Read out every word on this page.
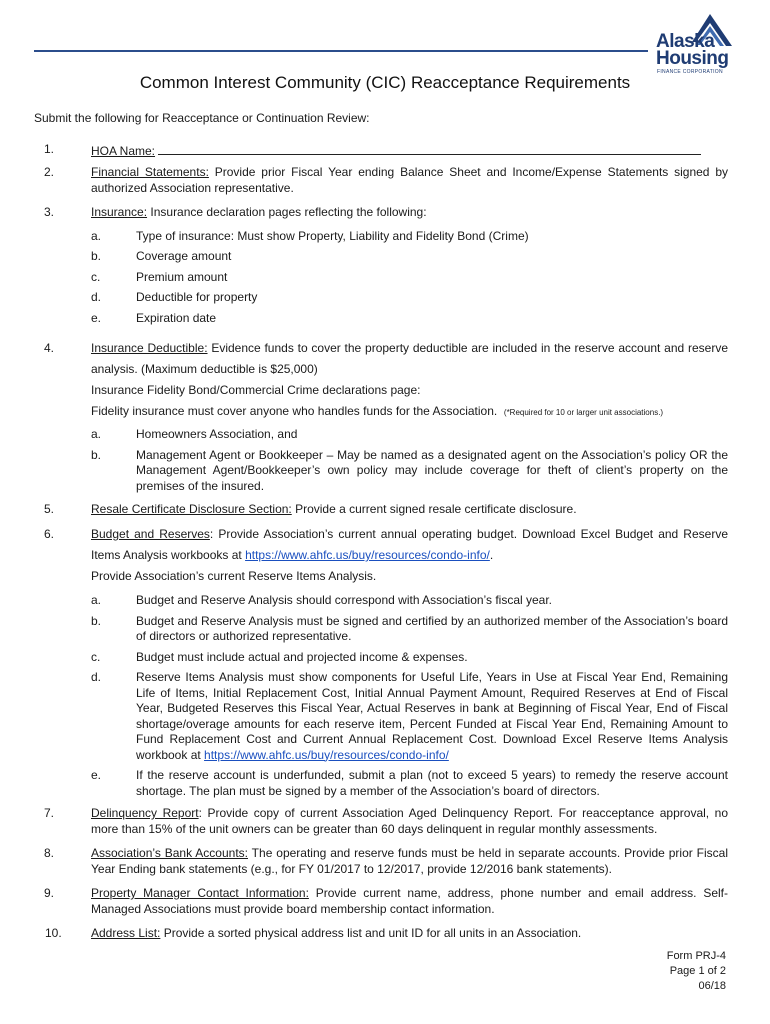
Alaska
Housing
FINANCE CORPORATION
Common Interest Community (CIC) Reacceptance Requirements
Submit the following for Reacceptance or Continuation Review:
1.	HOA Name:
2.	Financial Statements: Provide prior Fiscal Year ending Balance Sheet and Income/Expense Statements signed by authorized Association representative.
3.	Insurance: Insurance declaration pages reflecting the following:
a.	Type of insurance: Must show Property, Liability and Fidelity Bond (Crime)
b.	Coverage amount
c.	Premium amount
d.	Deductible for property
e.	Expiration date
4.	Insurance Deductible: Evidence funds to cover the property deductible are included in the reserve account and reserve analysis. (Maximum deductible is $25,000)
Insurance Fidelity Bond/Commercial Crime declarations page:
Fidelity insurance must cover anyone who handles funds for the Association. (*Required for 10 or larger unit associations.)
a.	Homeowners Association, and
b.	Management Agent or Bookkeeper – May be named as a designated agent on the Association’s policy OR the Management Agent/Bookkeeper’s own policy may include coverage for theft of client’s property on the premises of the insured.
5.	Resale Certificate Disclosure Section: Provide a current signed resale certificate disclosure.
6.	Budget and Reserves: Provide Association’s current annual operating budget. Download Excel Budget and Reserve Items Analysis workbooks at https://www.ahfc.us/buy/resources/condo-info/.
Provide Association’s current Reserve Items Analysis.
a.	Budget and Reserve Analysis should correspond with Association’s fiscal year.
b.	Budget and Reserve Analysis must be signed and certified by an authorized member of the Association’s board of directors or authorized representative.
c.	Budget must include actual and projected income & expenses.
d.	Reserve Items Analysis must show components for Useful Life, Years in Use at Fiscal Year End, Remaining Life of Items, Initial Replacement Cost, Initial Annual Payment Amount, Required Reserves at End of Fiscal Year, Budgeted Reserves this Fiscal Year, Actual Reserves in bank at Beginning of Fiscal Year, End of Fiscal shortage/overage amounts for each reserve item, Percent Funded at Fiscal Year End, Remaining Amount to Fund Replacement Cost and Current Annual Replacement Cost. Download Excel Reserve Items Analysis workbook at https://www.ahfc.us/buy/resources/condo-info/
e.	If the reserve account is underfunded, submit a plan (not to exceed 5 years) to remedy the reserve account shortage. The plan must be signed by a member of the Association’s board of directors.
7.	Delinquency Report: Provide copy of current Association Aged Delinquency Report. For reacceptance approval, no more than 15% of the unit owners can be greater than 60 days delinquent in regular monthly assessments.
8.	Association’s Bank Accounts: The operating and reserve funds must be held in separate accounts. Provide prior Fiscal Year Ending bank statements (e.g., for FY 01/2017 to 12/2017, provide 12/2016 bank statements).
9.	Property Manager Contact Information: Provide current name, address, phone number and email address. Self-Managed Associations must provide board membership contact information.
10. Address List: Provide a sorted physical address list and unit ID for all units in an Association.
Form PRJ-4
Page 1 of 2
06/18
